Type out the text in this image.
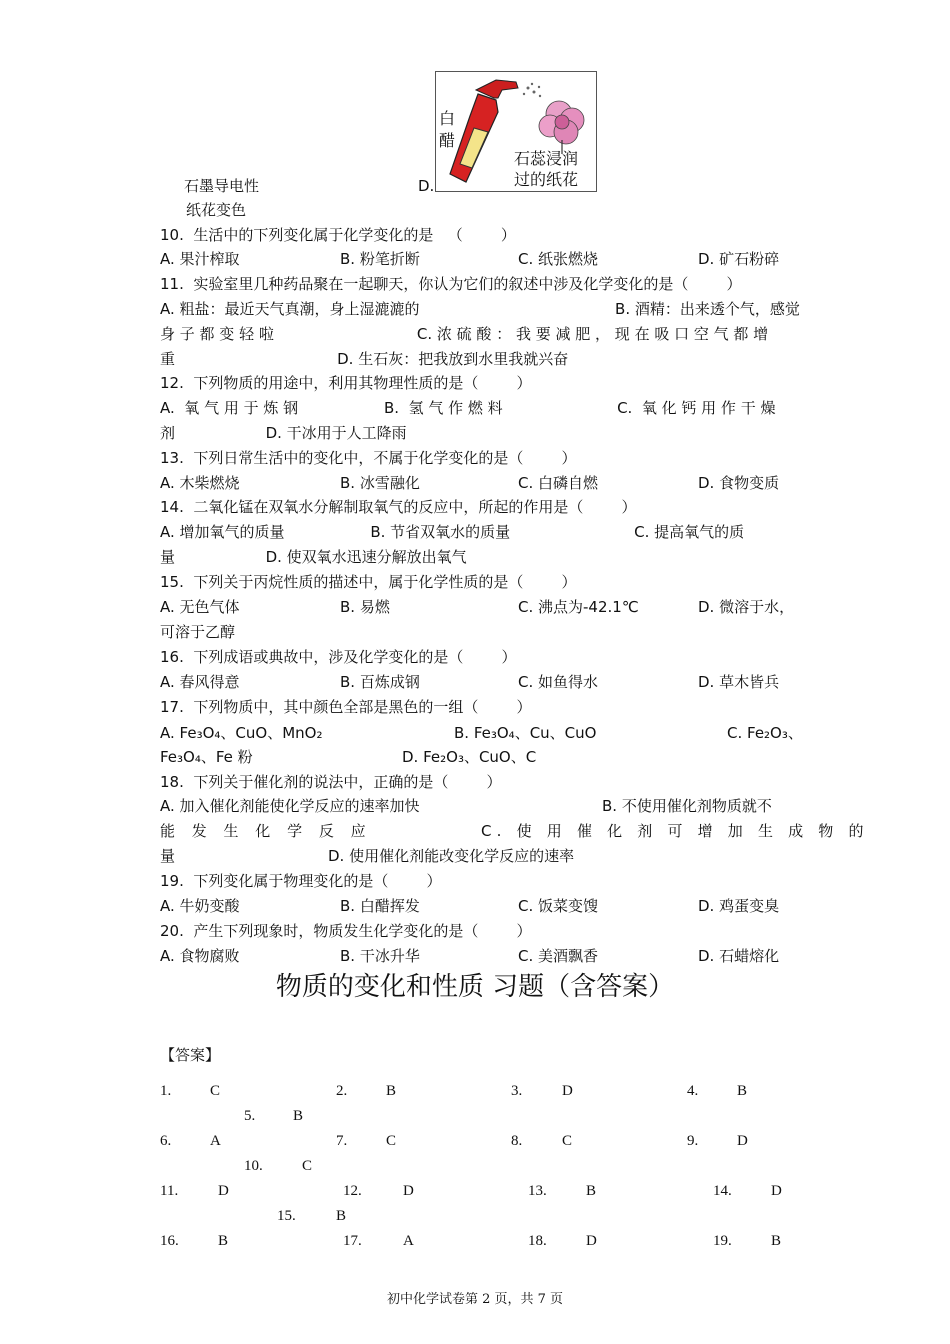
白
醋
石蕊浸润
过的纸花
石墨导电性	D.
纸花变色
10.  生活中的下列变化属于化学变化的是   （        ）
A. 果汁榨取	B. 粉笔折断	C. 纸张燃烧	D. 矿石粉碎
11.  实验室里几种药品聚在一起聊天，你认为它们的叙述中涉及化学变化的是（        ）
A. 粗盐：最近天气真潮，身上湿漉漉的                                         B. 酒精：出来透个气，感觉
身 子 都 变 轻 啦                              C. 浓 硫 酸 ： 我 要 减 肥 ， 现 在 吸 口 空 气 都 增
重                                  D. 生石灰：把我放到水里我就兴奋
12.  下列物质的用途中，利用其物理性质的是（        ）
A.  氧 气 用 于 炼 钢                  B.  氢 气 作 燃 料                        C.  氧 化 钙 用 作 干 燥
剂                   D. 干冰用于人工降雨
13.  下列日常生活中的变化中，不属于化学变化的是（        ）
A. 木柴燃烧	B. 冰雪融化	C. 白磷自燃	D. 食物变质
14.  二氧化锰在双氧水分解制取氧气的反应中，所起的作用是（        ）
A. 增加氧气的质量                  B. 节省双氧水的质量                          C. 提高氧气的质
量                   D. 使双氧水迅速分解放出氧气
15.  下列关于丙烷性质的描述中，属于化学性质的是（        ）
A. 无色气体	B. 易燃	C. 沸点为-42.1℃	D. 微溶于水，
可溶于乙醇
16.  下列成语或典故中，涉及化学变化的是（        ）
A. 春风得意	B. 百炼成钢	C. 如鱼得水	D. 草木皆兵
17.  下列物质中，其中颜色全部是黑色的一组（        ）
19.  下列变化属于物理变化的是（        ）
A. 牛奶变酸	B. 白醋挥发	C. 饭菜变馊	D. 鸡蛋变臭
20.  产生下列现象时，物质发生化学变化的是（        ）
A. 食物腐败	B. 干冰升华	C. 美酒飘香	D. 石蜡熔化
A. Fe₃O₄、CuO、MnO₂	B. Fe₃O₄、Cu、CuO	C. Fe₂O₃、
Fe₃O₄、Fe 粉	D. Fe₂O₃、CuO、C
18.  下列关于催化剂的说法中，正确的是（        ）
A. 加入催化剂能使化学反应的速率加快	B. 不使用催化剂物质就不
能 发 生 化 学 反 应	C. 使 用 催 化 剂 可 增 加 生 成 物 的
量	D. 使用催化剂能改变化学反应的速率
物质的变化和性质 习题（含答案）
【答案】
1.	C	2.	B	3.	D	4.	B
5.	B
6.	A	7.	C	8.	C	9.	D
10.	C
11.	D	12.	D	13.	B	14.	D
15.	B
16.	B	17.	A	18.	D	19.	B
初中化学试卷第 2 页，共 7 页
